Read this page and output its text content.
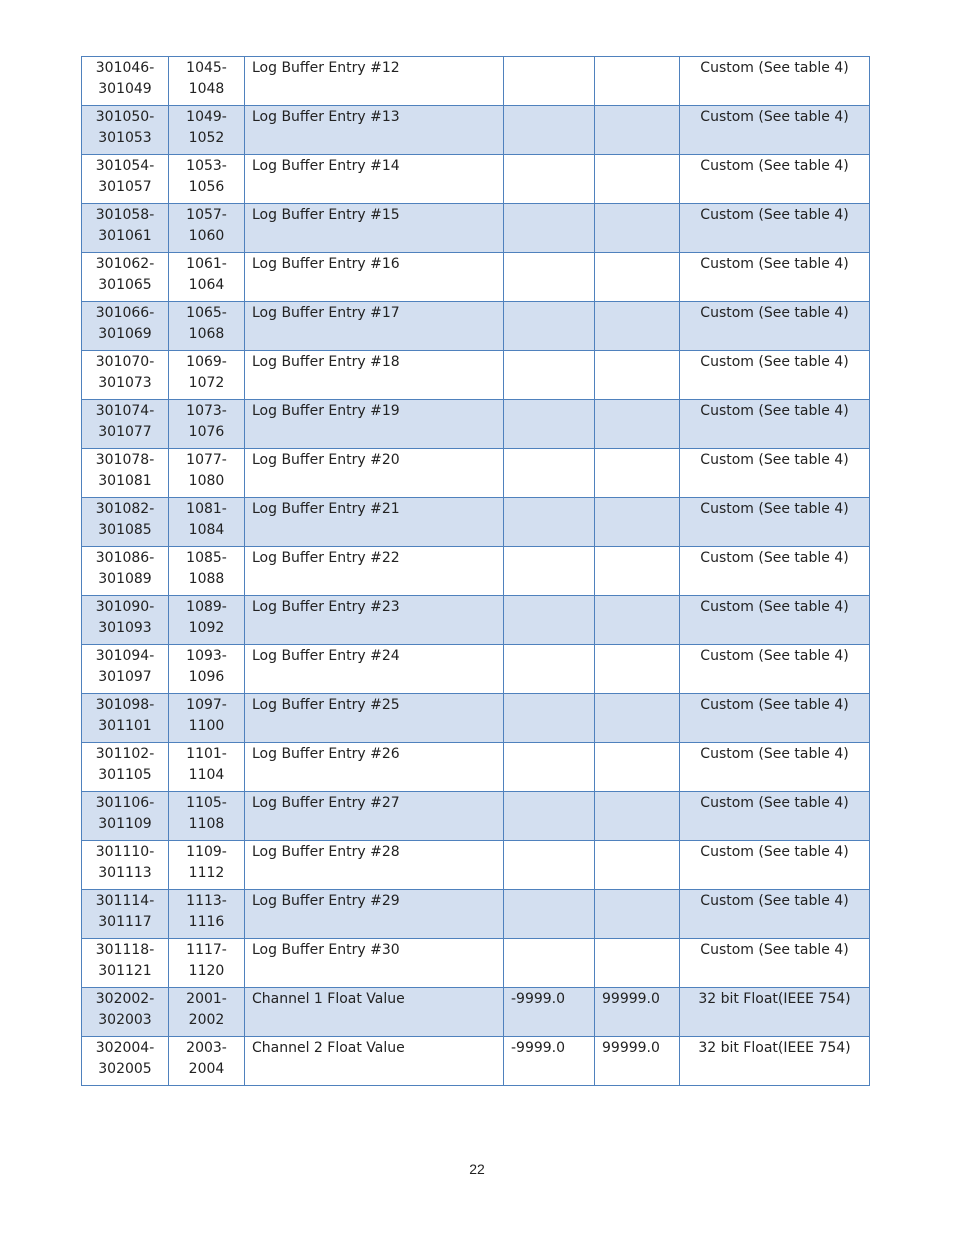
301046-
301049	1045-
1048	Log Buffer Entry #12			Custom (See table 4)

301050-
301053	1049-
1052	Log Buffer Entry #13			Custom (See table 4)

301054-
301057	1053-
1056	Log Buffer Entry #14			Custom (See table 4)

301058-
301061	1057-
1060	Log Buffer Entry #15			Custom (See table 4)

301062-
301065	1061-
1064	Log Buffer Entry #16			Custom (See table 4)

301066-
301069	1065-
1068	Log Buffer Entry #17			Custom (See table 4)

301070-
301073	1069-
1072	Log Buffer Entry #18			Custom (See table 4)

301074-
301077	1073-
1076	Log Buffer Entry #19			Custom (See table 4)

301078-
301081	1077-
1080	Log Buffer Entry #20			Custom (See table 4)

301082-
301085	1081-
1084	Log Buffer Entry #21			Custom (See table 4)

301086-
301089	1085-
1088	Log Buffer Entry #22			Custom (See table 4)

301090-
301093	1089-
1092	Log Buffer Entry #23			Custom (See table 4)

301094-
301097	1093-
1096	Log Buffer Entry #24			Custom (See table 4)

301098-
301101	1097-
1100	Log Buffer Entry #25			Custom (See table 4)

301102-
301105	1101-
1104	Log Buffer Entry #26			Custom (See table 4)

301106-
301109	1105-
1108	Log Buffer Entry #27			Custom (See table 4)

301110-
301113	1109-
1112	Log Buffer Entry #28			Custom (See table 4)

301114-
301117	1113-
1116	Log Buffer Entry #29			Custom (See table 4)

301118-
301121	1117-
1120	Log Buffer Entry #30			Custom (See table 4)

302002-
302003	2001-
2002	Channel 1 Float Value	-9999.0	99999.0	32 bit Float(IEEE 754)

302004-
302005	2003-
2004	Channel 2 Float Value	-9999.0	99999.0	32 bit Float(IEEE 754)
22
